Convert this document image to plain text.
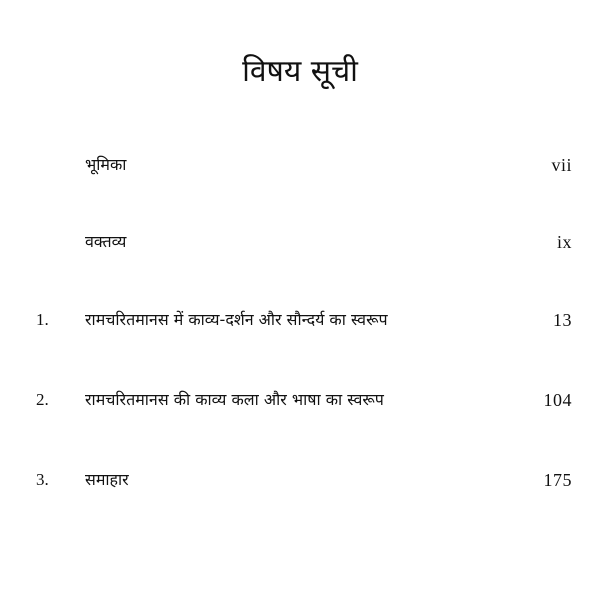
विषय सूची
भूमिका	vii
वक्तव्य	ix
1. रामचरितमानस में काव्य-दर्शन और सौन्दर्य का स्वरूप	13
2. रामचरितमानस की काव्य कला और भाषा का स्वरूप	104
3. समाहार	175
